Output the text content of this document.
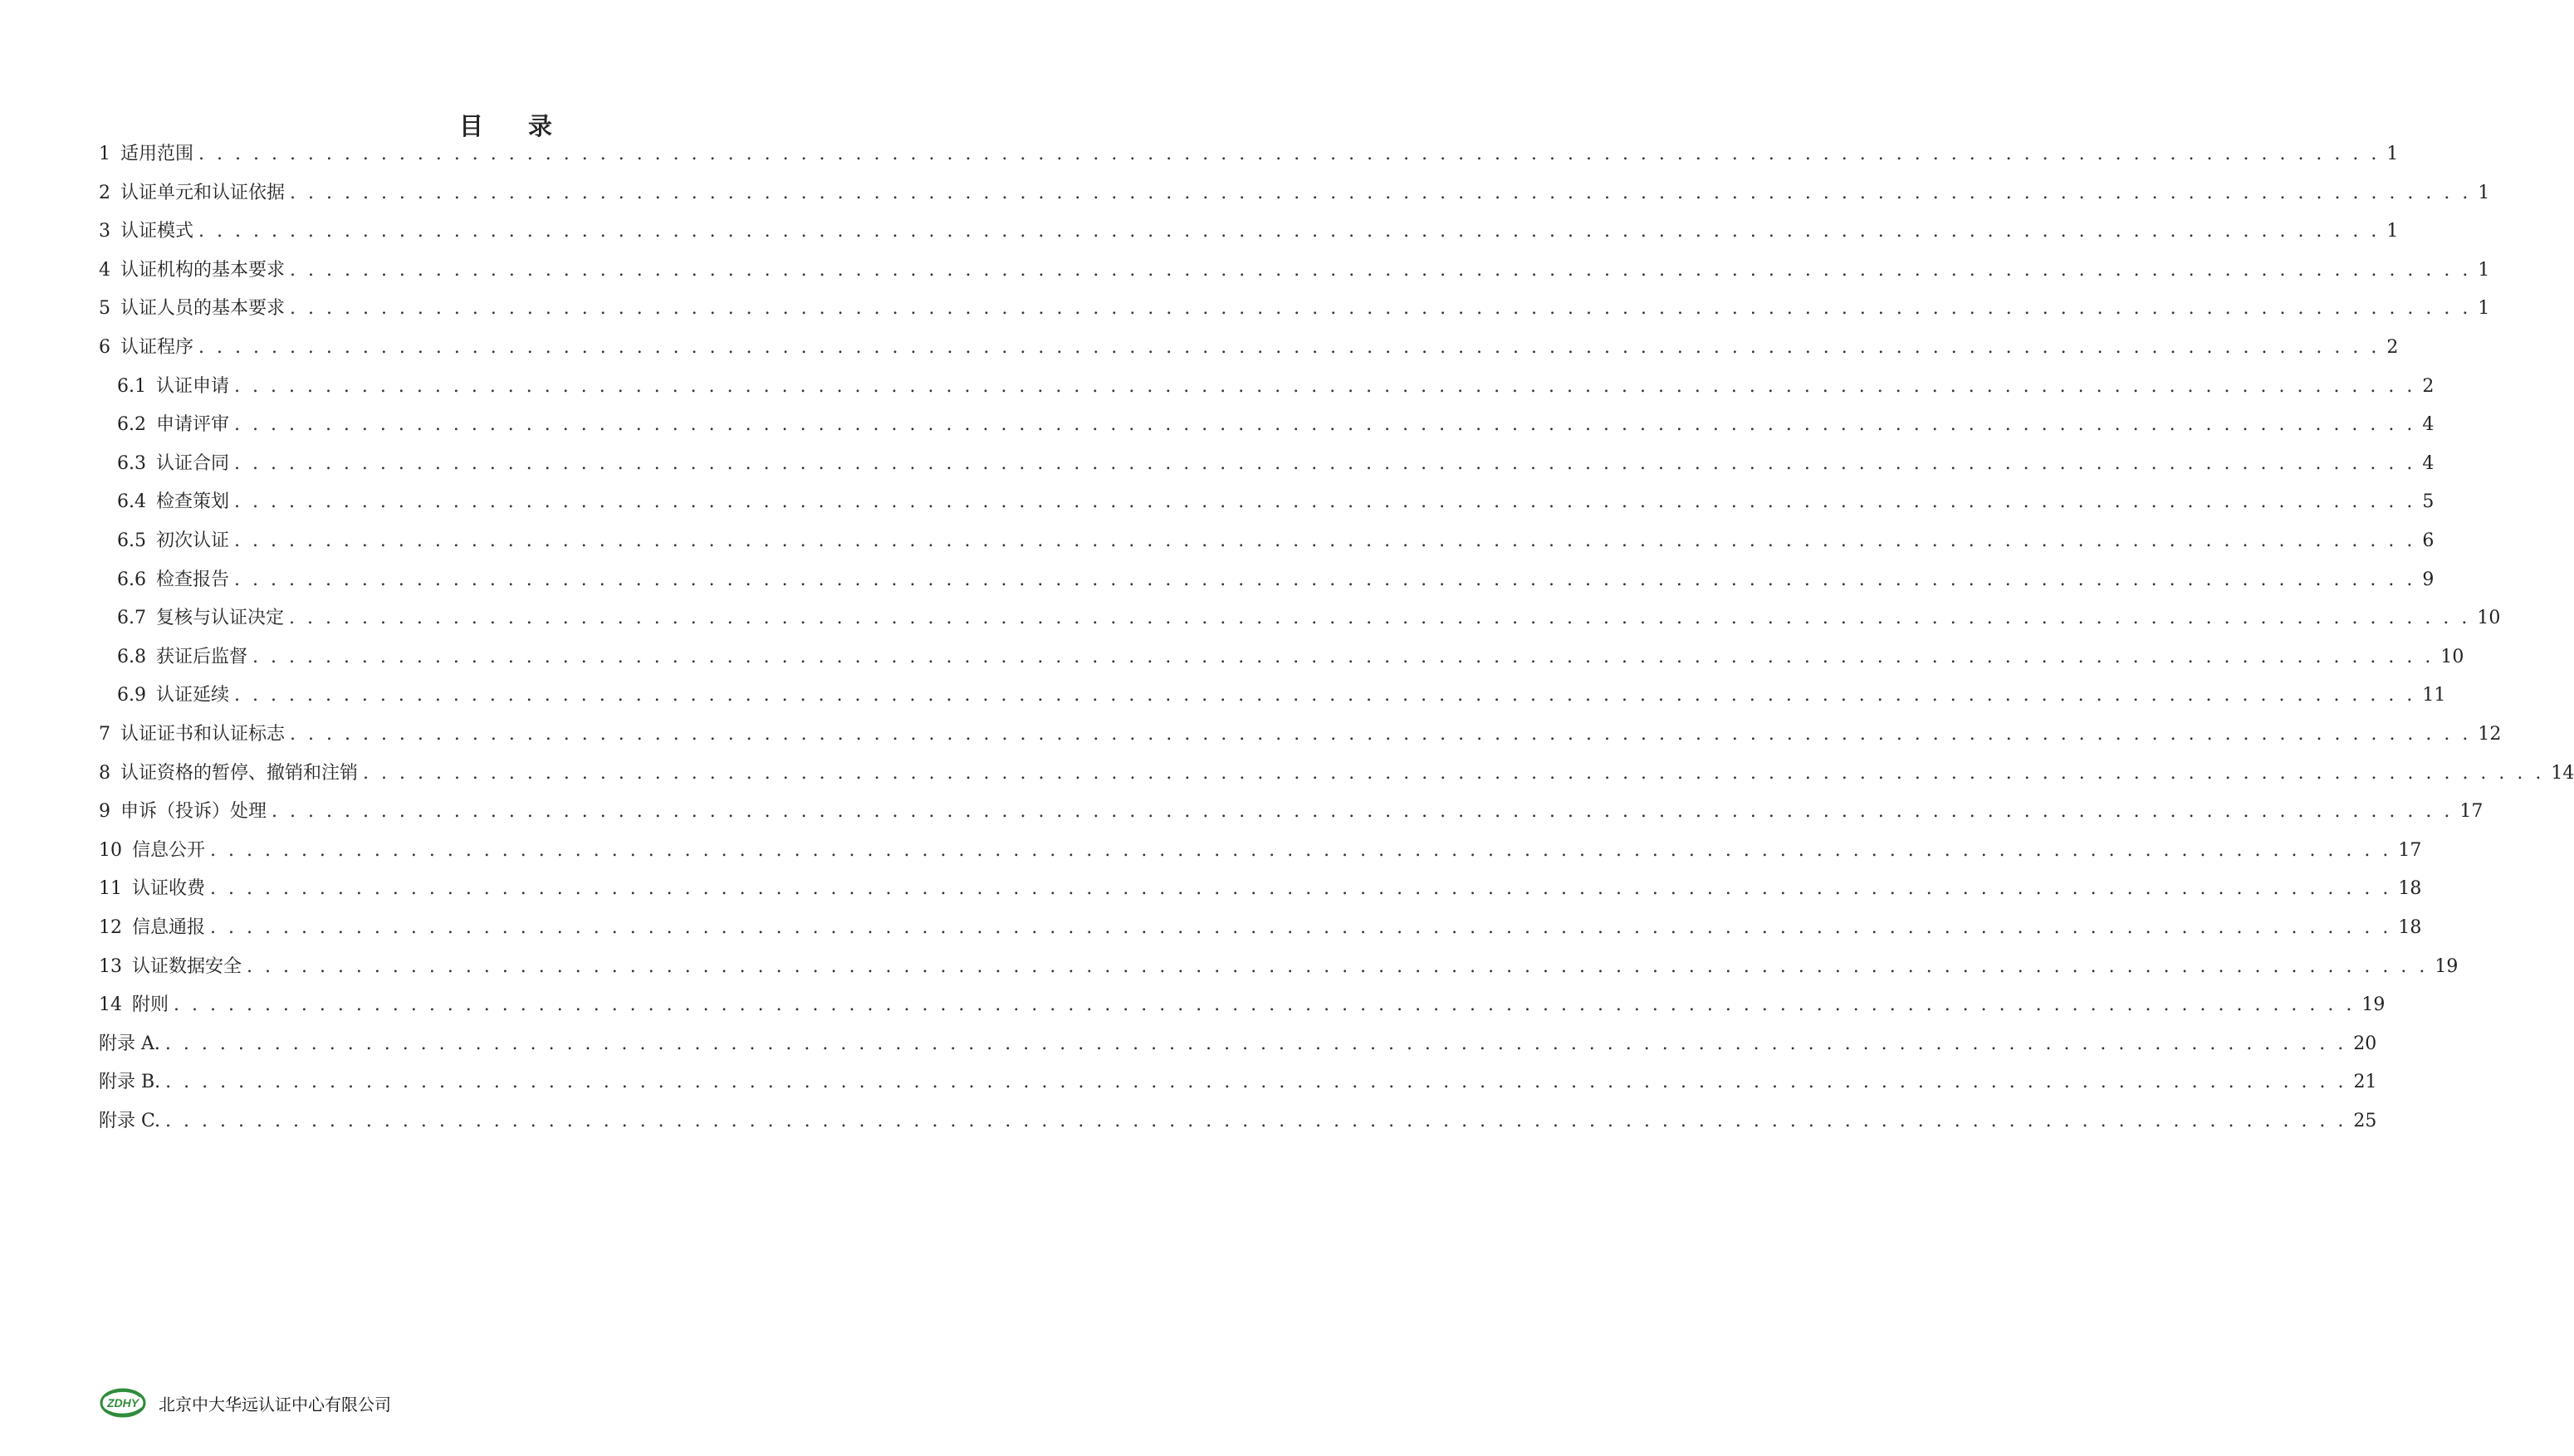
目 录
1 适用范围 . . . . . . . . . . . . . . . . . . . . . . . . . . . . . . . . . . . . . . . . . . . . . . . . . . . . . . . . . . . . . . . . . . . . . . . . . . . . . . . . . . . . . . . . . . . . . . . . . . . . . . . . . . . . . . . . . . . . . . . . 1
2 认证单元和认证依据 . . . . . . . . . . . . . . . . . . . . . . . . . . . . . . . . . . . . . . . . . . . . . . . . . . . . . . . . . . . . . . . . . . . . . . . . . . . . . . . . . . . . . . . . . . . . . . . . . . . . . . . . . . . . . . . . . . . . . . . . 1
3 认证模式 . . . . . . . . . . . . . . . . . . . . . . . . . . . . . . . . . . . . . . . . . . . . . . . . . . . . . . . . . . . . . . . . . . . . . . . . . . . . . . . . . . . . . . . . . . . . . . . . . . . . . . . . . . . . . . . . . . . . . . . . 1
4 认证机构的基本要求 . . . . . . . . . . . . . . . . . . . . . . . . . . . . . . . . . . . . . . . . . . . . . . . . . . . . . . . . . . . . . . . . . . . . . . . . . . . . . . . . . . . . . . . . . . . . . . . . . . . . . . . . . . . . . . . . . . . . . . . . 1
5 认证人员的基本要求 . . . . . . . . . . . . . . . . . . . . . . . . . . . . . . . . . . . . . . . . . . . . . . . . . . . . . . . . . . . . . . . . . . . . . . . . . . . . . . . . . . . . . . . . . . . . . . . . . . . . . . . . . . . . . . . . . . . . . . . . 1
6 认证程序 . . . . . . . . . . . . . . . . . . . . . . . . . . . . . . . . . . . . . . . . . . . . . . . . . . . . . . . . . . . . . . . . . . . . . . . . . . . . . . . . . . . . . . . . . . . . . . . . . . . . . . . . . . . . . . . . . . . . . . . . 2
6.1 认证申请 . . . . . . . . . . . . . . . . . . . . . . . . . . . . . . . . . . . . . . . . . . . . . . . . . . . . . . . . . . . . . . . . . . . . . . . . . . . . . . . . . . . . . . . . . . . . . . . . . . . . . . . . . . . . . . . . . . . . . . . . 2
6.2 申请评审 . . . . . . . . . . . . . . . . . . . . . . . . . . . . . . . . . . . . . . . . . . . . . . . . . . . . . . . . . . . . . . . . . . . . . . . . . . . . . . . . . . . . . . . . . . . . . . . . . . . . . . . . . . . . . . . . . . . . . . . . 4
6.3 认证合同 . . . . . . . . . . . . . . . . . . . . . . . . . . . . . . . . . . . . . . . . . . . . . . . . . . . . . . . . . . . . . . . . . . . . . . . . . . . . . . . . . . . . . . . . . . . . . . . . . . . . . . . . . . . . . . . . . . . . . . . . 4
6.4 检查策划 . . . . . . . . . . . . . . . . . . . . . . . . . . . . . . . . . . . . . . . . . . . . . . . . . . . . . . . . . . . . . . . . . . . . . . . . . . . . . . . . . . . . . . . . . . . . . . . . . . . . . . . . . . . . . . . . . . . . . . . . 5
6.5 初次认证 . . . . . . . . . . . . . . . . . . . . . . . . . . . . . . . . . . . . . . . . . . . . . . . . . . . . . . . . . . . . . . . . . . . . . . . . . . . . . . . . . . . . . . . . . . . . . . . . . . . . . . . . . . . . . . . . . . . . . . . . 6
6.6 检查报告 . . . . . . . . . . . . . . . . . . . . . . . . . . . . . . . . . . . . . . . . . . . . . . . . . . . . . . . . . . . . . . . . . . . . . . . . . . . . . . . . . . . . . . . . . . . . . . . . . . . . . . . . . . . . . . . . . . . . . . . . 9
6.7 复核与认证决定 . . . . . . . . . . . . . . . . . . . . . . . . . . . . . . . . . . . . . . . . . . . . . . . . . . . . . . . . . . . . . . . . . . . . . . . . . . . . . . . . . . . . . . . . . . . . . . . . . . . . . . . . . . . . . . . . . . . . . . . . 10
6.8 获证后监督 . . . . . . . . . . . . . . . . . . . . . . . . . . . . . . . . . . . . . . . . . . . . . . . . . . . . . . . . . . . . . . . . . . . . . . . . . . . . . . . . . . . . . . . . . . . . . . . . . . . . . . . . . . . . . . . . . . . . . . . . 10
6.9 认证延续 . . . . . . . . . . . . . . . . . . . . . . . . . . . . . . . . . . . . . . . . . . . . . . . . . . . . . . . . . . . . . . . . . . . . . . . . . . . . . . . . . . . . . . . . . . . . . . . . . . . . . . . . . . . . . . . . . . . . . . . . 11
7 认证证书和认证标志 . . . . . . . . . . . . . . . . . . . . . . . . . . . . . . . . . . . . . . . . . . . . . . . . . . . . . . . . . . . . . . . . . . . . . . . . . . . . . . . . . . . . . . . . . . . . . . . . . . . . . . . . . . . . . . . . . . . . . . . . 12
8 认证资格的暂停、撤销和注销 . . . . . . . . . . . . . . . . . . . . . . . . . . . . . . . . . . . . . . . . . . . . . . . . . . . . . . . . . . . . . . . . . . . . . . . . . . . . . . . . . . . . . . . . . . . . . . . . . . . . . . . . . . . . . . . . . . . . . . . . 14
9 申诉（投诉）处理 . . . . . . . . . . . . . . . . . . . . . . . . . . . . . . . . . . . . . . . . . . . . . . . . . . . . . . . . . . . . . . . . . . . . . . . . . . . . . . . . . . . . . . . . . . . . . . . . . . . . . . . . . . . . . . . . . . . . . . . . 17
10 信息公开 . . . . . . . . . . . . . . . . . . . . . . . . . . . . . . . . . . . . . . . . . . . . . . . . . . . . . . . . . . . . . . . . . . . . . . . . . . . . . . . . . . . . . . . . . . . . . . . . . . . . . . . . . . . . . . . . . . . . . . . . 17
11 认证收费 . . . . . . . . . . . . . . . . . . . . . . . . . . . . . . . . . . . . . . . . . . . . . . . . . . . . . . . . . . . . . . . . . . . . . . . . . . . . . . . . . . . . . . . . . . . . . . . . . . . . . . . . . . . . . . . . . . . . . . . . 18
12 信息通报 . . . . . . . . . . . . . . . . . . . . . . . . . . . . . . . . . . . . . . . . . . . . . . . . . . . . . . . . . . . . . . . . . . . . . . . . . . . . . . . . . . . . . . . . . . . . . . . . . . . . . . . . . . . . . . . . . . . . . . . . 18
13 认证数据安全 . . . . . . . . . . . . . . . . . . . . . . . . . . . . . . . . . . . . . . . . . . . . . . . . . . . . . . . . . . . . . . . . . . . . . . . . . . . . . . . . . . . . . . . . . . . . . . . . . . . . . . . . . . . . . . . . . . . . . . . . 19
14 附则 . . . . . . . . . . . . . . . . . . . . . . . . . . . . . . . . . . . . . . . . . . . . . . . . . . . . . . . . . . . . . . . . . . . . . . . . . . . . . . . . . . . . . . . . . . . . . . . . . . . . . . . . . . . . . . . . . . . . . . . . 19
附录 A. . . . . . . . . . . . . . . . . . . . . . . . . . . . . . . . . . . . . . . . . . . . . . . . . . . . . . . . . . . . . . . . . . . . . . . . . . . . . . . . . . . . . . . . . . . . . . . . . . . . . . . . . . . . . . . . . . . . . . . . . 20
附录 B. . . . . . . . . . . . . . . . . . . . . . . . . . . . . . . . . . . . . . . . . . . . . . . . . . . . . . . . . . . . . . . . . . . . . . . . . . . . . . . . . . . . . . . . . . . . . . . . . . . . . . . . . . . . . . . . . . . . . . . . . 21
附录 C. . . . . . . . . . . . . . . . . . . . . . . . . . . . . . . . . . . . . . . . . . . . . . . . . . . . . . . . . . . . . . . . . . . . . . . . . . . . . . . . . . . . . . . . . . . . . . . . . . . . . . . . . . . . . . . . . . . . . . . . . 25
ZDHY 北京中大华远认证中心有限公司
